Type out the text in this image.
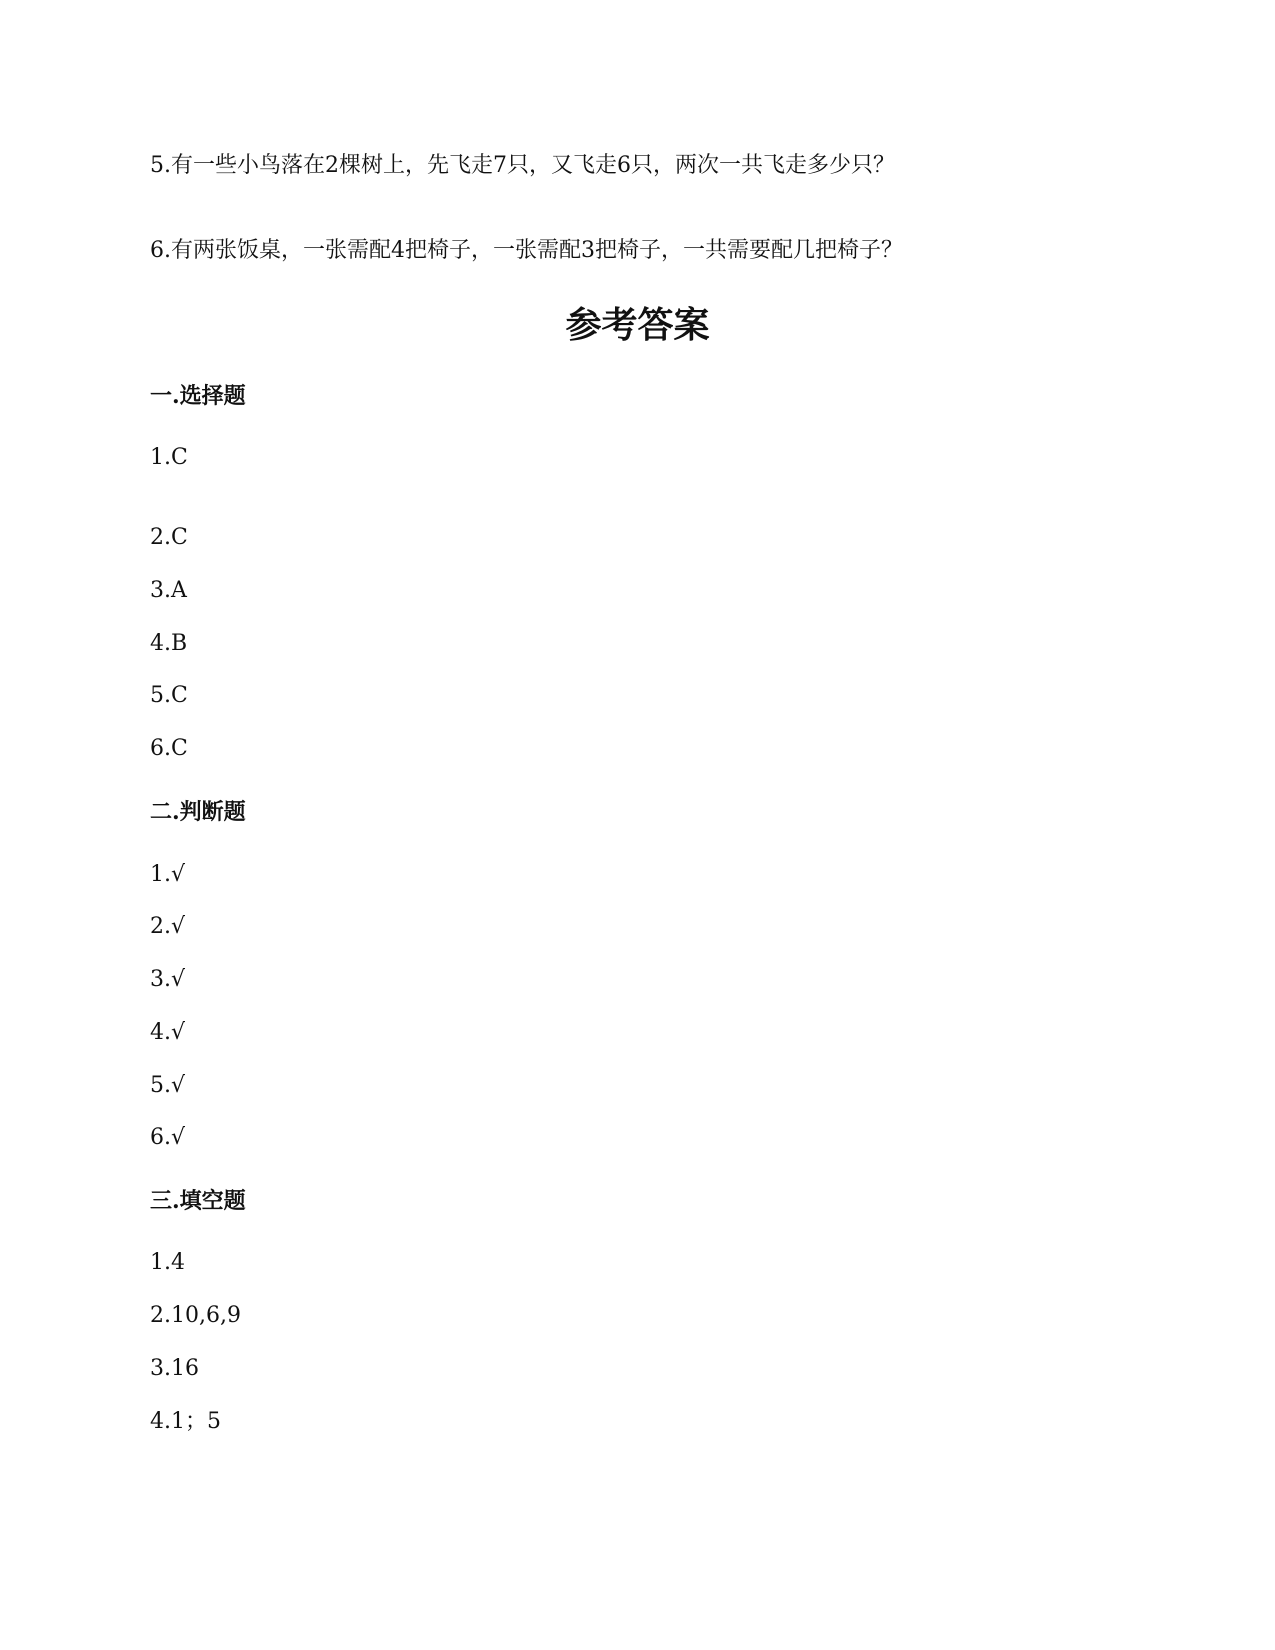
5.有一些小鸟落在2棵树上，先飞走7只，又飞走6只，两次一共飞走多少只？
6.有两张饭桌，一张需配4把椅子，一张需配3把椅子，一共需要配几把椅子？
参考答案
一.选择题
1.C
2.C
3.A
4.B
5.C
6.C
二.判断题
1.√
2.√
3.√
4.√
5.√
6.√
三.填空题
1.4
2.10,6,9
3.16
4.1；5
